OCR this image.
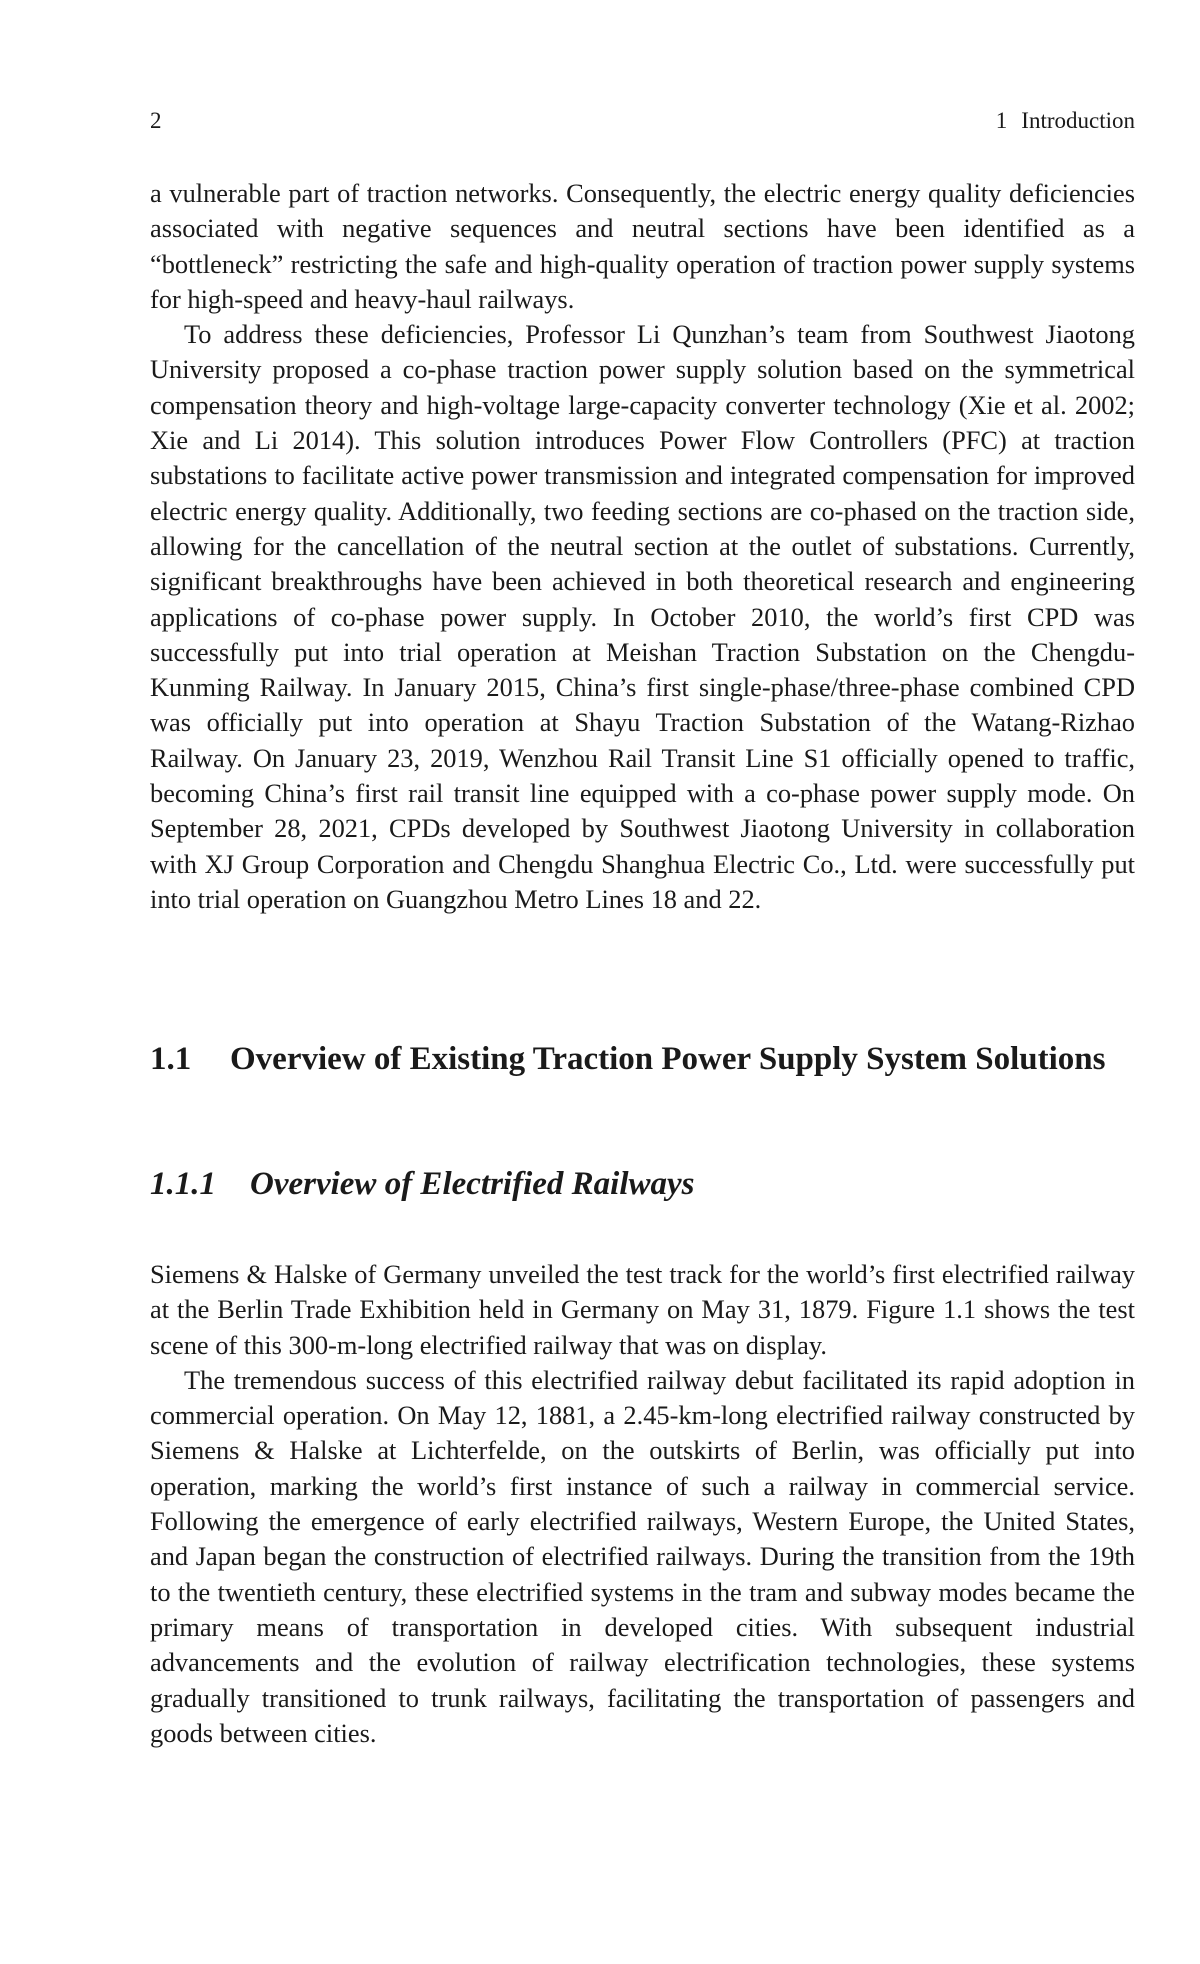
2	1 Introduction

a vulnerable part of traction networks. Consequently, the electric energy quality deficiencies associated with negative sequences and neutral sections have been identified as a “bottleneck” restricting the safe and high-quality operation of traction power supply systems for high-speed and heavy-haul railways.

To address these deficiencies, Professor Li Qunzhan’s team from Southwest Jiaotong University proposed a co-phase traction power supply solution based on the symmetrical compensation theory and high-voltage large-capacity converter technology (Xie et al. 2002; Xie and Li 2014). This solution introduces Power Flow Controllers (PFC) at traction substations to facilitate active power transmission and integrated compensation for improved electric energy quality. Additionally, two feeding sections are co-phased on the traction side, allowing for the cancellation of the neutral section at the outlet of substations. Currently, significant breakthroughs have been achieved in both theoretical research and engineering applications of co-phase power supply. In October 2010, the world’s first CPD was successfully put into trial operation at Meishan Traction Substation on the Chengdu-Kunming Railway. In January 2015, China’s first single-phase/three-phase combined CPD was officially put into operation at Shayu Traction Substation of the Watang-Rizhao Railway. On January 23, 2019, Wenzhou Rail Transit Line S1 officially opened to traffic, becoming China’s first rail transit line equipped with a co-phase power supply mode. On September 28, 2021, CPDs developed by Southwest Jiaotong University in collaboration with XJ Group Corporation and Chengdu Shanghua Electric Co., Ltd. were successfully put into trial operation on Guangzhou Metro Lines 18 and 22.

1.1	Overview of Existing Traction Power Supply System Solutions
1.1.1	Overview of Electrified Railways

Siemens & Halske of Germany unveiled the test track for the world’s first electrified railway at the Berlin Trade Exhibition held in Germany on May 31, 1879. Figure 1.1 shows the test scene of this 300-m-long electrified railway that was on display.

The tremendous success of this electrified railway debut facilitated its rapid adoption in commercial operation. On May 12, 1881, a 2.45-km-long electrified railway constructed by Siemens & Halske at Lichterfelde, on the outskirts of Berlin, was officially put into operation, marking the world’s first instance of such a railway in commercial service. Following the emergence of early electrified railways, Western Europe, the United States, and Japan began the construction of electrified railways. During the transition from the 19th to the twentieth century, these electrified systems in the tram and subway modes became the primary means of transportation in developed cities. With subsequent industrial advancements and the evolution of railway electrification technologies, these systems gradually transitioned to trunk railways, facilitating the transportation of passengers and goods between cities.
